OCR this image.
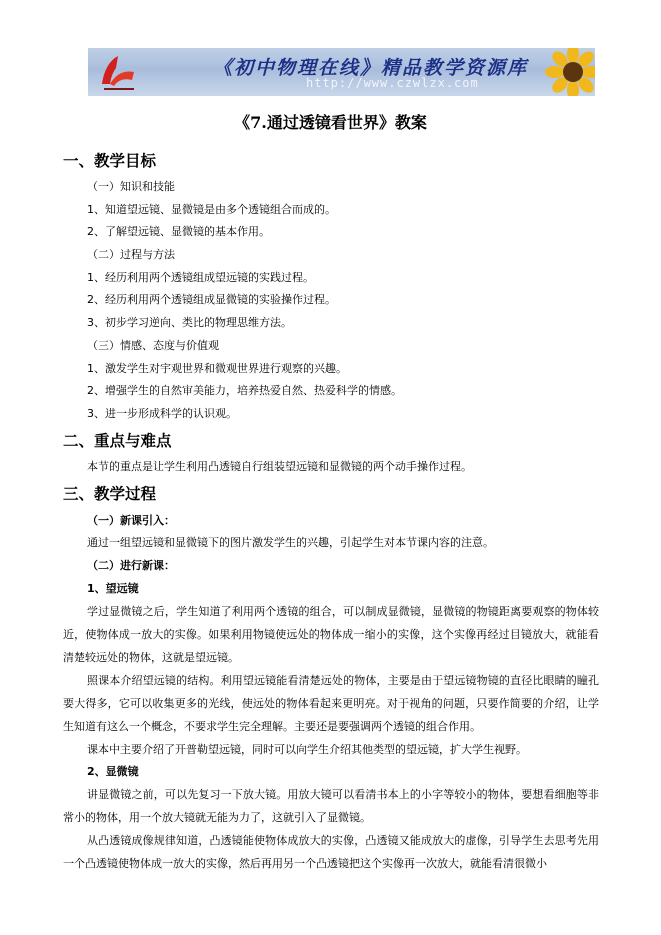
《初中物理在线》精品教学资源库
http://www.czwlzx.com
《7.通过透镜看世界》教案
一、教学目标
（一）知识和技能
1、知道望远镜、显微镜是由多个透镜组合而成的。
2、了解望远镜、显微镜的基本作用。
（二）过程与方法
1、经历利用两个透镜组成望远镜的实践过程。
2、经历利用两个透镜组成显微镜的实验操作过程。
3、初步学习逆向、类比的物理思维方法。
（三）情感、态度与价值观
1、激发学生对宇观世界和微观世界进行观察的兴趣。
2、增强学生的自然审美能力，培养热爱自然、热爱科学的情感。
3、进一步形成科学的认识观。
二、重点与难点
本节的重点是让学生利用凸透镜自行组装望远镜和显微镜的两个动手操作过程。
三、教学过程
（一）新课引入：
通过一组望远镜和显微镜下的图片激发学生的兴趣，引起学生对本节课内容的注意。
（二）进行新课：
1、望远镜
学过显微镜之后，学生知道了利用两个透镜的组合，可以制成显微镜，显微镜的物镜距离要观察的物体较近，使物体成一放大的实像。如果利用物镜使远处的物体成一缩小的实像，这个实像再经过目镜放大，就能看清楚较远处的物体，这就是望远镜。
照课本介绍望远镜的结构。利用望远镜能看清楚远处的物体，主要是由于望远镜物镜的直径比眼睛的瞳孔要大得多，它可以收集更多的光线，使远处的物体看起来更明亮。对于视角的问题，只要作简要的介绍，让学生知道有这么一个概念，不要求学生完全理解。主要还是要强调两个透镜的组合作用。
课本中主要介绍了开普勒望远镜，同时可以向学生介绍其他类型的望远镜，扩大学生视野。
2、显微镜
讲显微镜之前，可以先复习一下放大镜。用放大镜可以看清书本上的小字等较小的物体，要想看细胞等非常小的物体，用一个放大镜就无能为力了，这就引入了显微镜。
从凸透镜成像规律知道，凸透镜能使物体成放大的实像，凸透镜又能成放大的虚像，引导学生去思考先用一个凸透镜使物体成一放大的实像，然后再用另一个凸透镜把这个实像再一次放大，就能看清很微小
